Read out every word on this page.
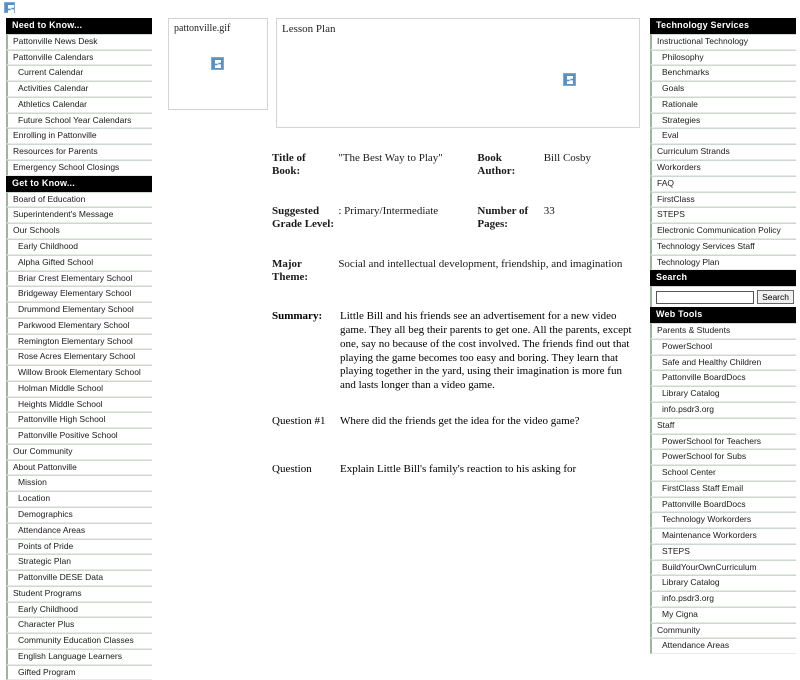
Need to Know...
Pattonville News Desk
Pattonville Calendars
Current Calendar
Activities Calendar
Athletics Calendar
Future School Year Calendars
Enrolling in Pattonville
Resources for Parents
Emergency School Closings
Get to Know...
Board of Education
Superintendent's Message
Our Schools
Early Childhood
Alpha Gifted School
Briar Crest Elementary School
Bridgeway Elementary School
Drummond Elementary School
Parkwood Elementary School
Remington Elementary School
Rose Acres Elementary School
Willow Brook Elementary School
Holman Middle School
Heights Middle School
Pattonville High School
Pattonville Positive School
Our Community
About Pattonville
Mission
Location
Demographics
Attendance Areas
Points of Pride
Strategic Plan
Pattonville DESE Data
Student Programs
Early Childhood
Character Plus
Community Education Classes
English Language Learners
Gifted Program
pattonville.gif	Lesson Plan
Title of Book:	"The Best Way to Play"	Book Author:	Bill Cosby
Suggested Grade Level:	: Primary/Intermediate	Number of Pages:	33
Major Theme:	Social and intellectual development, friendship, and imagination		
Summary:	Little Bill and his friends see an advertisement for a new video game. They all beg their parents to get one. All the parents, except one, say no because of the cost involved. The friends find out that playing the game becomes too easy and boring. They learn that playing together in the yard, using their imagination is more fun and lasts longer than a video game.
Question #1	Where did the friends get the idea for the video game?
Question	Explain Little Bill's family's reaction to his asking for
Technology Services
Instructional Technology
Philosophy
Benchmarks
Goals
Rationale
Strategies
Eval
Curriculum Strands
Workorders
FAQ
FirstClass
STEPS
Electronic Communication Policy
Technology Services Staff
Technology Plan
Search
Search
Web Tools
Parents & Students
PowerSchool
Safe and Healthy Children
Pattonville BoardDocs
Library Catalog
info.psdr3.org
Staff
PowerSchool for Teachers
PowerSchool for Subs
School Center
FirstClass Staff Email
Pattonville BoardDocs
Technology Workorders
Maintenance Workorders
STEPS
BuildYourOwnCurriculum
Library Catalog
info.psdr3.org
My Cigna
Community
Attendance Areas
